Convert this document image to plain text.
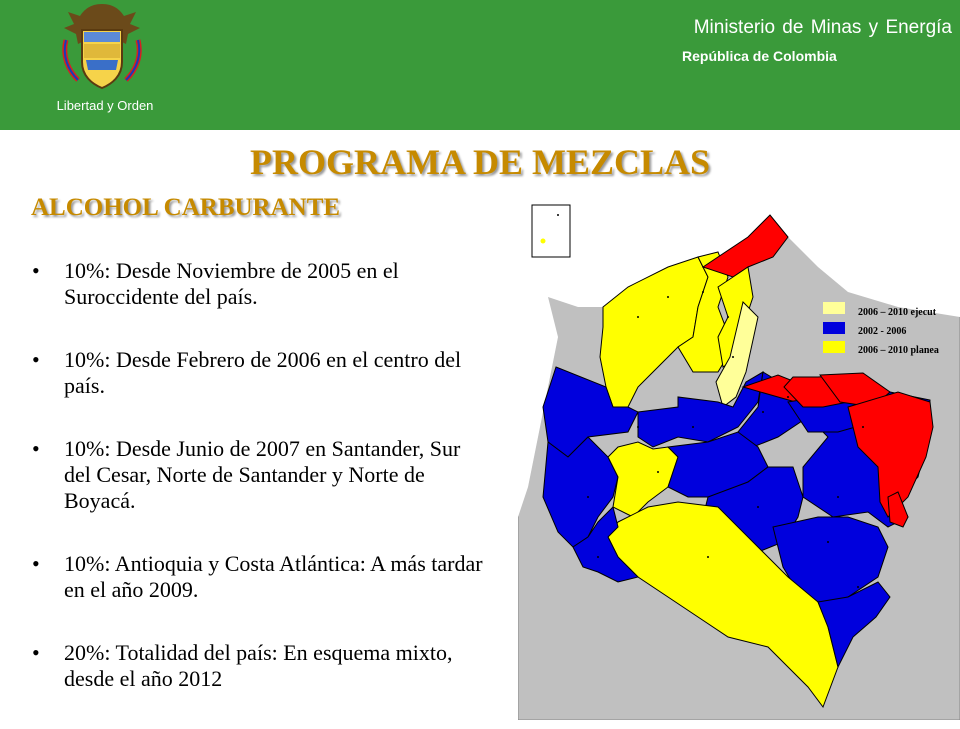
Libertad y Orden
Ministerio de Minas y Energía
República de Colombia
PROGRAMA DE MEZCLAS
ALCOHOL CARBURANTE
• 10%: Desde Noviembre de 2005 en el Suroccidente del país.
• 10%: Desde Febrero de 2006 en el centro del país.
• 10%: Desde Junio de 2007 en Santander, Sur del Cesar, Norte de Santander y Norte de Boyacá.
• 10%: Antioquia y Costa Atlántica: A más tardar en el año 2009.
• 20%: Totalidad del país: En esquema mixto, desde el año 2012
2006 – 2010 ejecut
2002 - 2006
2006 – 2010 planea
